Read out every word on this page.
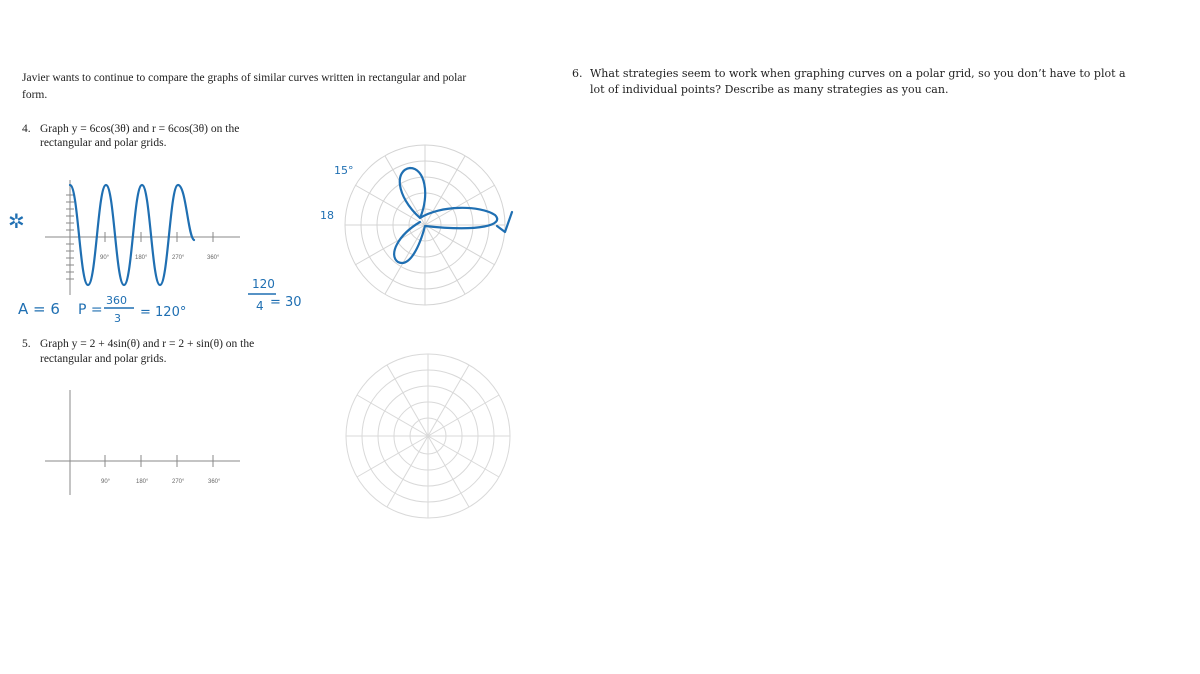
Javier wants to continue to compare the graphs of similar curves written in rectangular and polar
form.
4. Graph y = 6cos(3θ) and r = 6cos(3θ) on the
rectangular and polar grids.
5. Graph y = 2 + 4sin(θ) and r = 2 + sin(θ) on the
rectangular and polar grids.
6. What strategies seem to work when graphing curves on a polar grid, so you don’t have to plot a
lot of individual points? Describe as many strategies as you can.
90°	180°	270°	360°
✲
A = 6 P =
360
3 = 120°
120
4 = 30
15°
18
90°	180°	270°	360°
